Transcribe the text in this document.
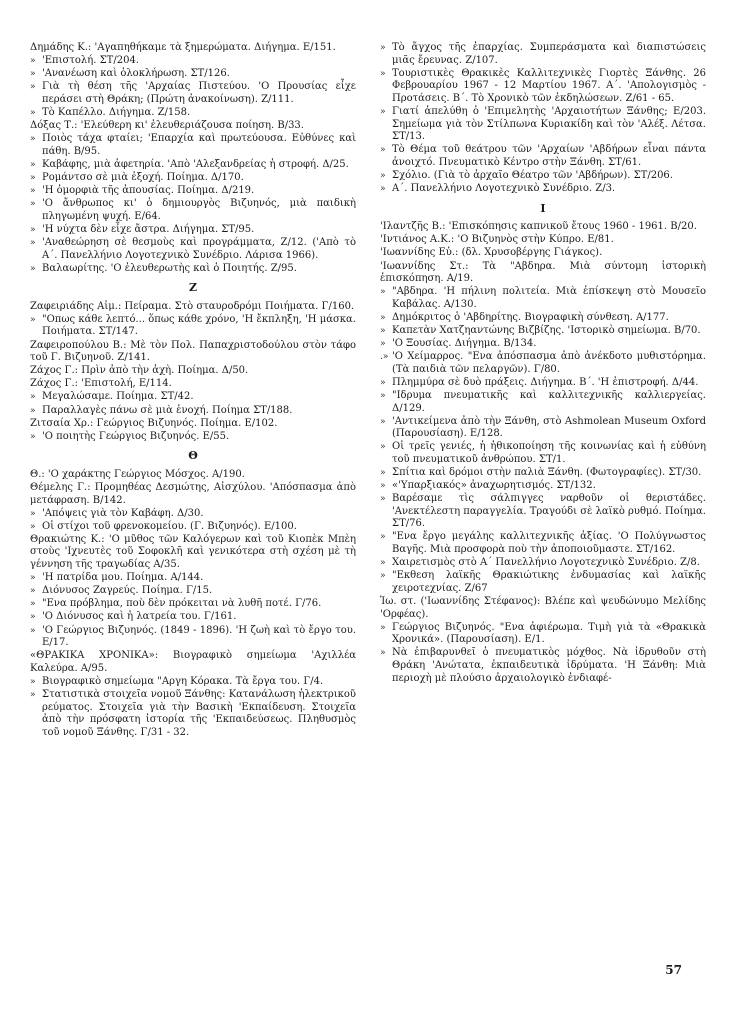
Δημάδης Κ.: 'Αγαπηθήκαμε τὰ ξημερώματα. Διήγημα. Ε/151.
» 'Επιστολή. ΣΤ/204.
» 'Ανανέωση καὶ ὁλοκλήρωση. ΣΤ/126.
» Γιὰ τὴ θέση τῆς 'Αρχαίας Πιστεύου. 'Ο Προυσίας εἶχε περάσει στὴ Θράκη; (Πρώτη ἀνακοίνωση). Ζ/111.
» Τὸ Καπέλλο. Διήγημα. Ζ/158.
Δόξας Τ.: 'Ελεύθερη κι' ἐλευθεριάζουσα ποίηση. Β/33.
» Ποιὸς τάχα φταίει; 'Επαρχία καὶ πρωτεύουσα. Εὐθύνες καὶ πάθη. Β/95.
» Καβάφης, μιὰ ἀφετηρία. 'Απὸ 'Αλεξανδρείας ἡ στροφή. Δ/25.
» Ρομάντσο σὲ μιὰ ἐξοχή. Ποίημα. Δ/170.
» 'Η ὀμορφιὰ τῆς ἀπουσίας. Ποίημα. Δ/219.
» 'Ο ἄνθρωπος κι' ὁ δημιουργὸς Βιζυηνός, μιὰ παιδικὴ πληγωμένη ψυχή. Ε/64.
» 'Η νύχτα δὲν εἶχε ἄστρα. Διήγημα. ΣΤ/95.
» 'Αναθεώρηση σὲ θεσμοὺς καὶ προγράμματα, Ζ/12. ('Απὸ τὸ Α΄. Πανελλήνιο Λογοτεχνικὸ Συνέδριο. Λάρισα 1966).
» Βαλαωρίτης. 'Ο ἐλευθερωτὴς καὶ ὁ Ποιητής. Ζ/95.
Ζ
Ζαφειριάδης Αἰμ.: Πείραμα. Στὸ σταυροδρόμι Ποιήματα. Γ/160.
» "Οπως κάθε λεπτό... ὅπως κάθε χρόνο, 'Η ἔκπληξη, 'Η μάσκα. Ποιήματα. ΣΤ/147.
Ζαφειροπούλου Β.: Μὲ τὸν Πολ. Παπαχριστοδούλου στὸν τάφο τοῦ Γ. Βιζυηνοῦ. Ζ/141.
Ζάχος Γ.: Πρὶν ἀπὸ τὴν ἀχὴ. Ποίημα. Δ/50.
Ζάχος Γ.: 'Επιστολή, Ε/114.
» Μεγαλώσαμε. Ποίημα. ΣΤ/42.
» Παραλλαγὲς πάνω σὲ μιὰ ἐνοχή. Ποίημα ΣΤ/188.
Ζιτσαία Χρ.: Γεώργιος Βιζυηνός. Ποίημα. Ε/102.
» 'Ο ποιητὴς Γεώργιος Βιζυηνός. Ε/55.
Θ
Θ.: 'Ο χαράκτης Γεώργιος Μόσχος. Α/190.
Θέμελης Γ.: Προμηθέας Δεσμώτης, Αἰσχύλου. 'Απόσπασμα ἀπὸ μετάφραση. Β/142.
» 'Απόψεις γιὰ τὸν Καβάφη. Δ/30.
» Οἱ στίχοι τοῦ φρενοκομείου. (Γ. Βιζυηνός). Ε/100.
Θρακιώτης Κ.: 'Ο μῦθος τῶν Καλόγερων καὶ τοῦ Κιοπὲκ Μπὲη στοὺς 'Ιχνευτὲς τοῦ Σοφοκλῆ καὶ γενικότερα στὴ σχέση μὲ τὴ γέννηση τῆς τραγωδίας Α/35.
» 'Η πατρίδα μου. Ποίημα. Α/144.
» Διόνυσος Ζαγρεύς. Ποίημα. Γ/15.
» "Ενα πρόβλημα, ποὺ δὲν πρόκειται νὰ λυθῆ ποτέ. Γ/76.
» 'Ο Διόνυσος καὶ ἡ λατρεία του. Γ/161.
» 'Ο Γεώργιος Βιζυηνός. (1849 - 1896). 'Η ζωὴ καὶ τὸ ἔργο του. Ε/17.
«ΘΡΑΚΙΚΑ ΧΡΟΝΙΚΑ»: Βιογραφικὸ σημείωμα 'Αχιλλέα Καλεύρα. Α/95.
» Βιογραφικὸ σημείωμα "Αργη Κόρακα. Τὰ ἔργα του. Γ/4.
» Στατιστικὰ στοιχεῖα νομοῦ Ξάνθης: Κατανάλωση ἠλεκτρικοῦ ρεύματος. Στοιχεῖα γιὰ τὴν Βασικὴ 'Εκπαίδευση. Στοιχεῖα ἀπὸ τὴν πρόσφατη ἱστορία τῆς 'Εκπαιδεύσεως. Πληθυσμὸς τοῦ νομοῦ Ξάνθης. Γ/31 - 32.
» Τὸ ἄγχος τῆς ἐπαρχίας. Συμπεράσματα καὶ διαπιστώσεις μιᾶς ἔρευνας. Ζ/107.
» Τουριστικὲς Θρακικὲς Καλλιτεχνικὲς Γιορτὲς Ξάνθης. 26 Φεβρουαρίου 1967 - 12 Μαρτίου 1967. Α΄. 'Απολογισμὸς - Προτάσεις. Β΄. Τὸ Χρονικὸ τῶν ἐκδηλώσεων. Ζ/61 - 65.
» Γιατί ἀπελύθη ὁ 'Επιμελητὴς 'Αρχαιοτήτων Ξάνθης; Ε/203. Σημείωμα γιὰ τὸν Στίλπωνα Κυριακίδη καὶ τὸν 'Αλέξ. Λέτσα. ΣΤ/13.
» Τὸ Θέμα τοῦ θεάτρου τῶν 'Αρχαίων 'Αβδήρων εἶναι πάντα ἀνοιχτό. Πνευματικὸ Κέντρο στὴν Ξάνθη. ΣΤ/61.
» Σχόλιο. (Γιὰ τὸ ἀρχαῖο Θέατρο τῶν 'Αβδήρων). ΣΤ/206.
» Α΄. Πανελλήνιο Λογοτεχνικὸ Συνέδριο. Ζ/3.
Ι
'Ιλαντζῆς Β.: 'Επισκόπησις καπνικοῦ ἔτους 1960 - 1961. Β/20.
'Ιντιάνος Α.Κ.: 'Ο Βιζυηνὸς στὴν Κύπρο. Ε/81.
'Ιωαννίδης Εὐ.: (δλ. Χρυσοβέργης Γιάγκος).
'Ιωαννίδης Στ.: Τὰ "Αβδηρα. Μιὰ σύντομη ἱστορικὴ ἐπισκόπηση. Α/19.
» "Αβδηρα. 'Η πήλινη πολιτεία. Μιὰ ἐπίσκεψη στὸ Μουσεῖο Καβάλας. Α/130.
» Δημόκριτος ὁ 'Αβδηρίτης. Βιογραφικὴ σύνθεση. Α/177.
» Καπετὰν Χατζηαντώνης Βιζβίζης. 'Ιστορικὸ σημείωμα. Β/70.
» 'Ο Ξουσίας. Διήγημα. Β/134.
.» 'Ο Χείμαρρος. "Ενα ἀπόσπασμα ἀπὸ ἀνέκδοτο μυθιστόρημα. (Τὰ παιδιὰ τῶν πελαργῶν). Γ/80.
» Πλημμύρα σὲ δυὸ πράξεις. Διήγημα. Β΄. 'Η ἐπιστροφή. Δ/44.
» "Ιδρυμα πνευματικῆς καὶ καλλιτεχνικῆς καλλιεργείας. Δ/129.
» 'Αντικείμενα ἀπὸ τὴν Ξάνθη, στὸ Ashmolean Museum Oxford (Παρουσίαση). Ε/128.
» Οἱ τρεῖς γενιές, ἡ ἠθικοποίηση τῆς κοινωνίας καὶ ἡ εὐθύνη τοῦ πνευματικοῦ ἀνθρώπου. ΣΤ/1.
» Σπίτια καὶ δρόμοι στὴν παλιὰ Ξάνθη. (Φωτογραφίες). ΣΤ/30.
» «'Υπαρξιακός» ἀναχωρητισμός. ΣΤ/132.
» Βαρέσαμε τὶς σάλπιγγες ναρθοῦν οἱ θεριστάδες. 'Ανεκτέλεστη παραγγελία. Τραγούδι σὲ λαϊκὸ ρυθμό. Ποίημα. ΣΤ/76.
» "Ενα ἔργο μεγάλης καλλιτεχνικῆς ἀξίας. 'Ο Πολύγνωστος Βαγῆς. Μιὰ προσφορὰ ποὺ τὴν ἀποποιοῦμαστε. ΣΤ/162.
» Χαιρετισμὸς στὸ Α΄ Πανελλήνιο Λογοτεχνικὸ Συνέδριο. Ζ/8.
» "Εκθεση λαϊκῆς Θρακιώτικης ἐνδυμασίας καὶ λαϊκῆς χειροτεχνίας. Ζ/67
Ἰω. στ. ('Ιωαννίδης Στέφανος): Βλέπε καὶ ψευδώνυμο Μελίδης 'Ορφέας).
» Γεώργιος Βιζυηνός. "Ενα ἀφιέρωμα. Τιμὴ γιὰ τὰ «Θρακικὰ Χρονικά». (Παρουσίαση). Ε/1.
» Νὰ ἐπιβαρυνθεῖ ὁ πνευματικὸς μόχθος. Νὰ ἱδρυθοῦν στὴ Θράκη 'Ανώτατα, ἐκπαιδευτικὰ ἱδρύματα. 'Η Ξάνθη: Μιὰ περιοχὴ μὲ πλούσιο ἀρχαιολογικὸ ἐνδιαφέ-
57
